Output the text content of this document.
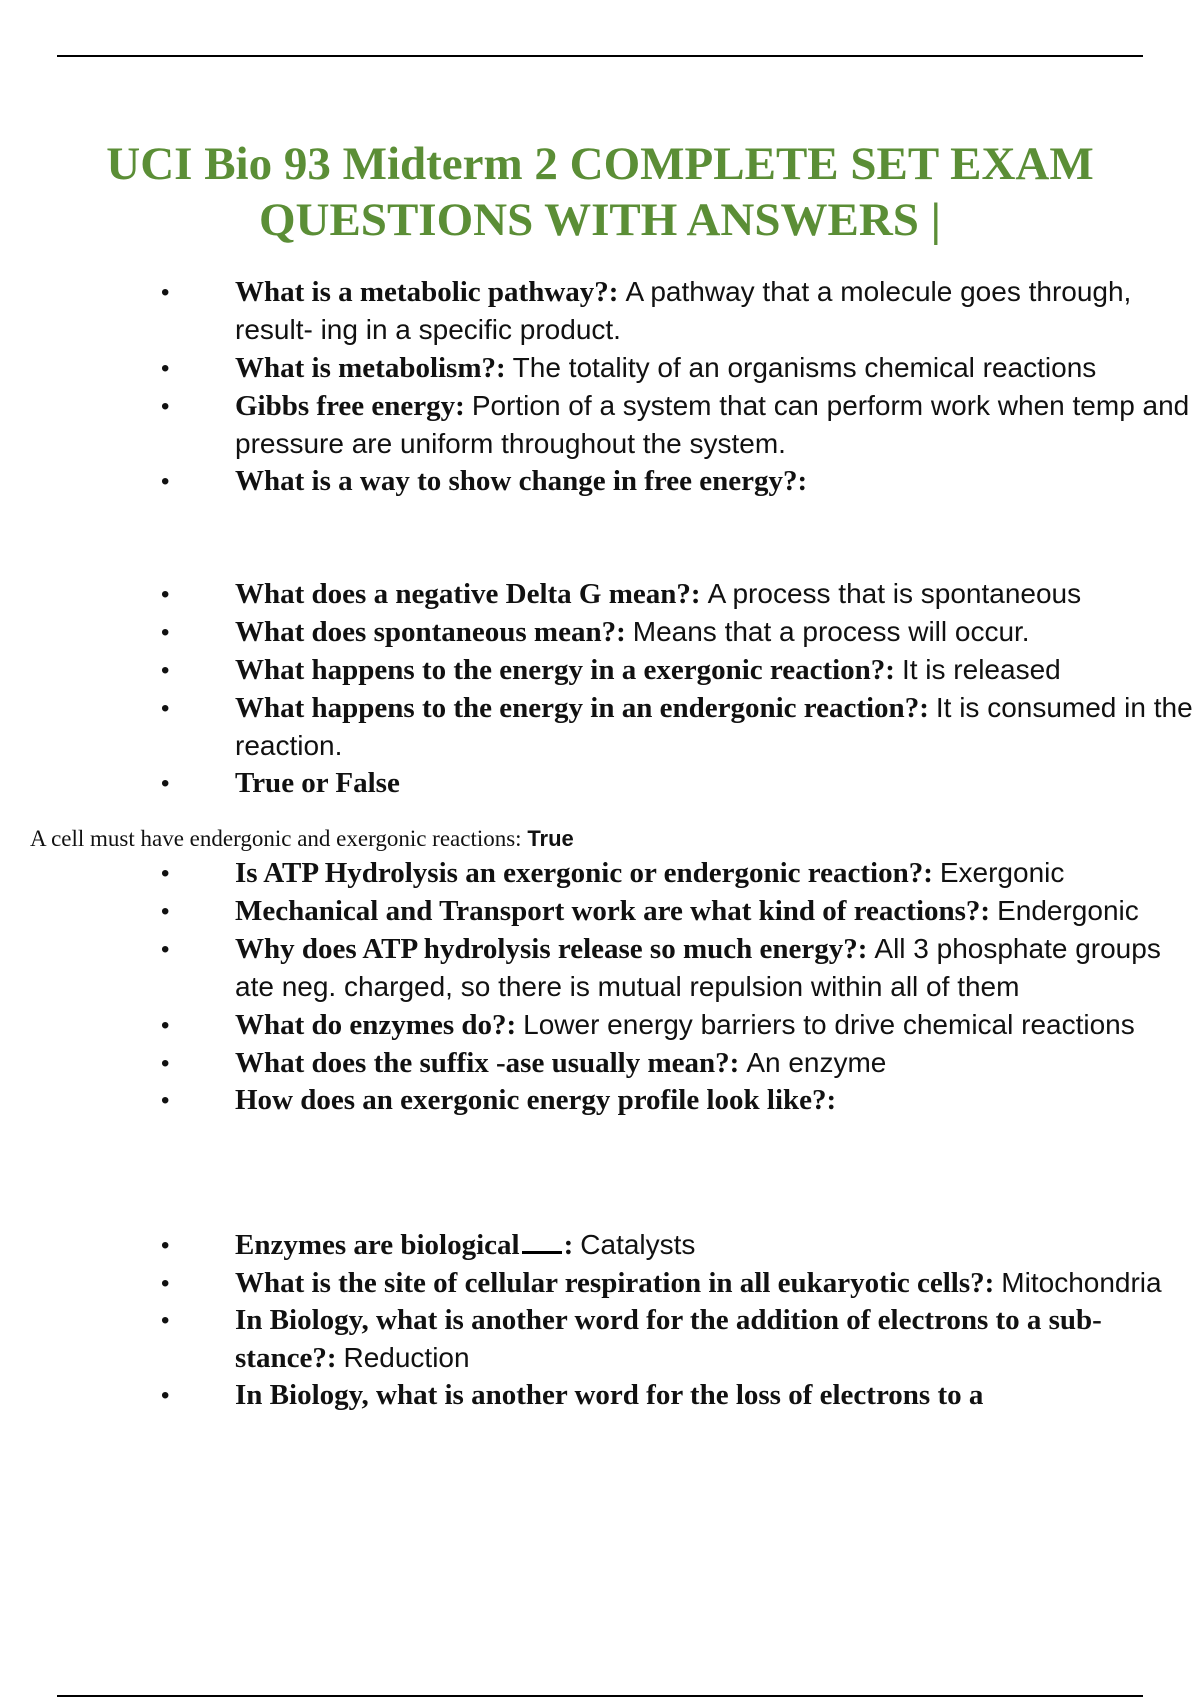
UCI Bio 93 Midterm 2 COMPLETE SET EXAM
QUESTIONS WITH ANSWERS |

• What is a metabolic pathway?: A pathway that a molecule goes through, result- ing in a specific product.

• What is metabolism?: The totality of an organisms chemical reactions

• Gibbs free energy: Portion of a system that can perform work when temp and pressure are uniform throughout the system.

• What is a way to show change in free energy?:

• What does a negative Delta G mean?: A process that is spontaneous

• What does spontaneous mean?: Means that a process will occur.

• What happens to the energy in a exergonic reaction?: It is released

• What happens to the energy in an endergonic reaction?: It is consumed in the reaction.

• True or False

A cell must have endergonic and exergonic reactions: True

• Is ATP Hydrolysis an exergonic or endergonic reaction?: Exergonic

• Mechanical and Transport work are what kind of reactions?: Endergonic

• Why does ATP hydrolysis release so much energy?: All 3 phosphate groups ate neg. charged, so there is mutual repulsion within all of them

• What do enzymes do?: Lower energy barriers to drive chemical reactions

• What does the suffix -ase usually mean?: An enzyme

• How does an exergonic energy profile look like?:

• Enzymes are biological : Catalysts

• What is the site of cellular respiration in all eukaryotic cells?: Mitochondria

• In Biology, what is another word for the addition of electrons to a sub- stance?: Reduction

• In Biology, what is another word for the loss of electrons to a
